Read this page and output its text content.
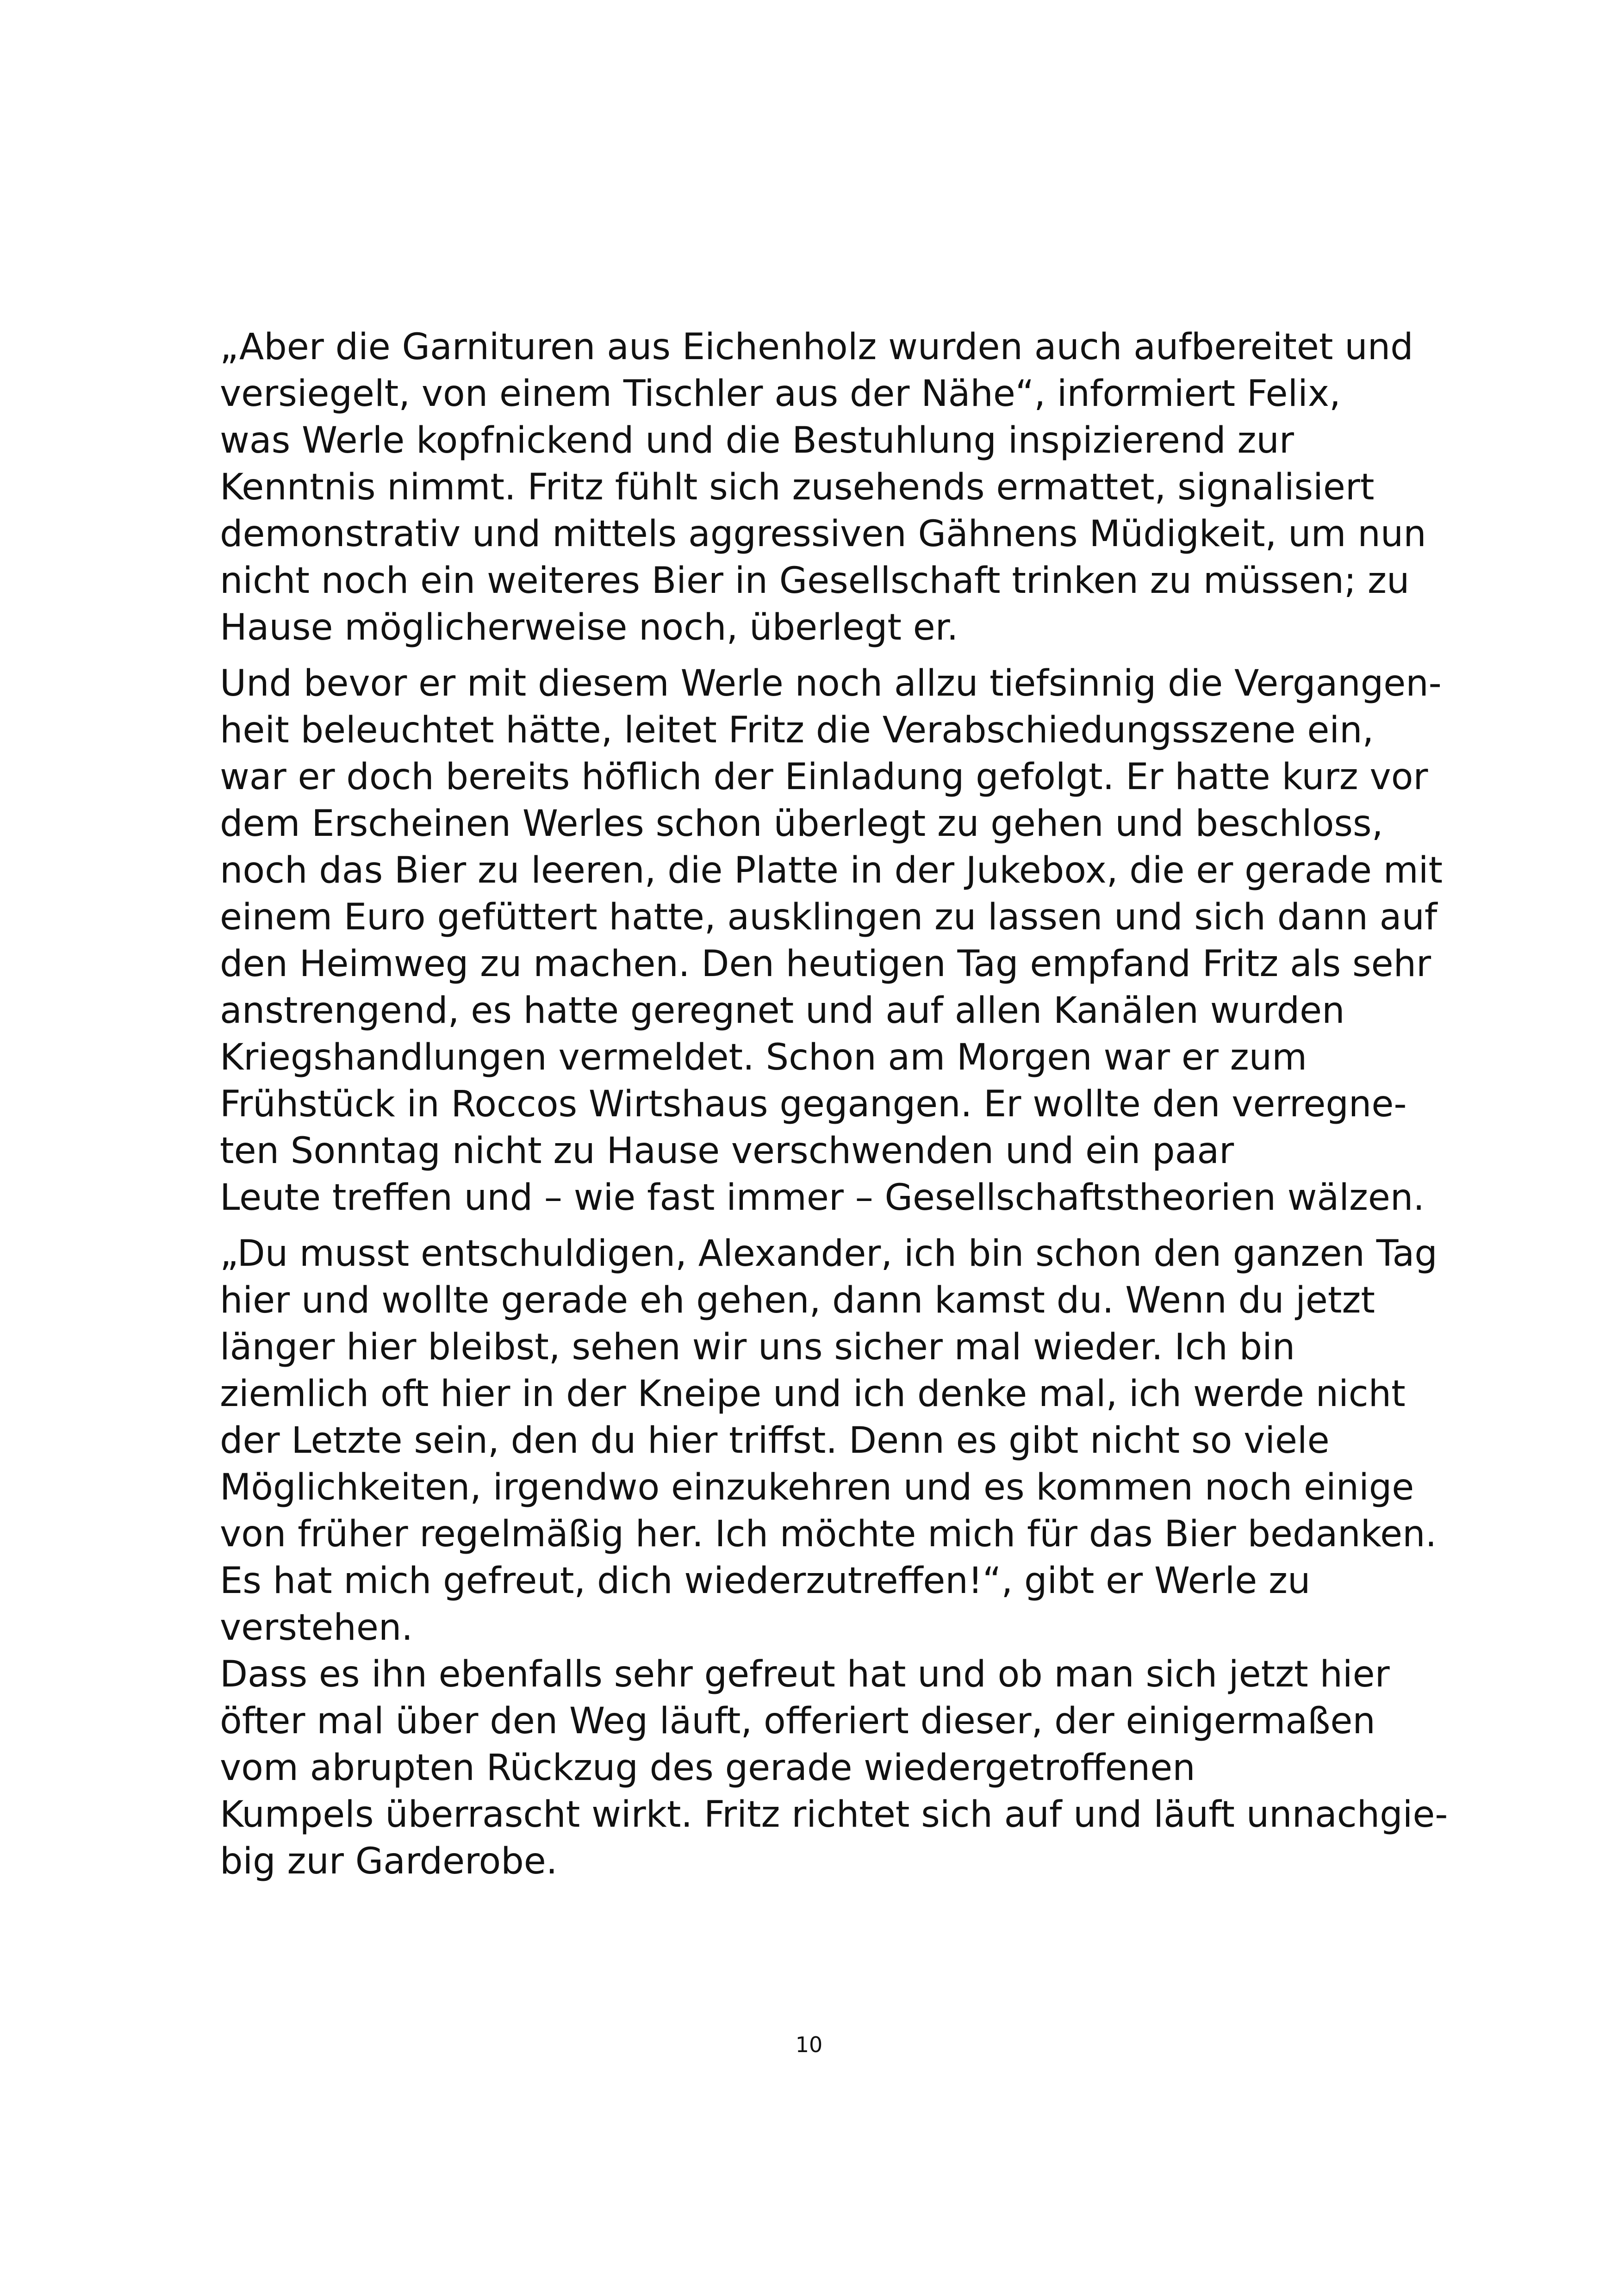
„Aber die Garnituren aus Eichenholz wurden auch aufbereitet und
versiegelt, von einem Tischler aus der Nähe“, informiert Felix,
was Werle kopfnickend und die Bestuhlung inspizierend zur
Kenntnis nimmt. Fritz fühlt sich zusehends ermattet, signalisiert
demonstrativ und mittels aggressiven Gähnens Müdigkeit, um nun
nicht noch ein weiteres Bier in Gesellschaft trinken zu müssen; zu
Hause möglicherweise noch, überlegt er.
Und bevor er mit diesem Werle noch allzu tiefsinnig die Vergangen-
heit beleuchtet hätte, leitet Fritz die Verabschiedungsszene ein,
war er doch bereits höflich der Einladung gefolgt. Er hatte kurz vor
dem Erscheinen Werles schon überlegt zu gehen und beschloss,
noch das Bier zu leeren, die Platte in der Jukebox, die er gerade mit
einem Euro gefüttert hatte, ausklingen zu lassen und sich dann auf
den Heimweg zu machen. Den heutigen Tag empfand Fritz als sehr
anstrengend, es hatte geregnet und auf allen Kanälen wurden
Kriegshandlungen vermeldet. Schon am Morgen war er zum
Frühstück in Roccos Wirtshaus gegangen. Er wollte den verregne-
ten Sonntag nicht zu Hause verschwenden und ein paar
Leute treffen und – wie fast immer – Gesellschaftstheorien wälzen.
„Du musst entschuldigen, Alexander, ich bin schon den ganzen Tag
hier und wollte gerade eh gehen, dann kamst du. Wenn du jetzt
länger hier bleibst, sehen wir uns sicher mal wieder. Ich bin
ziemlich oft hier in der Kneipe und ich denke mal, ich werde nicht
der Letzte sein, den du hier triffst. Denn es gibt nicht so viele
Möglichkeiten, irgendwo einzukehren und es kommen noch einige
von früher regelmäßig her. Ich möchte mich für das Bier bedanken.
Es hat mich gefreut, dich wiederzutreffen!“, gibt er Werle zu
verstehen.
Dass es ihn ebenfalls sehr gefreut hat und ob man sich jetzt hier
öfter mal über den Weg läuft, offeriert dieser, der einigermaßen
vom abrupten Rückzug des gerade wiedergetroffenen
Kumpels überrascht wirkt. Fritz richtet sich auf und läuft unnachgie-
big zur Garderobe.
10
